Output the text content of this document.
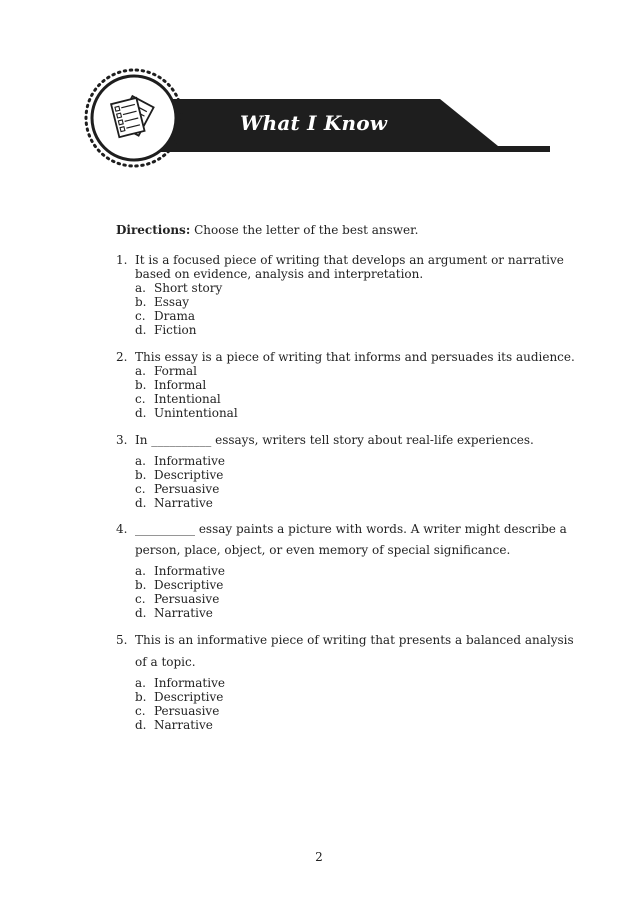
What I Know
Directions: Choose the letter of the best answer.
1. It is a focused piece of writing that develops an argument or narrative
based on evidence, analysis and interpretation.
a. Short story
b. Essay
c. Drama
d. Fiction
2. This essay is a piece of writing that informs and persuades its audience.
a. Formal
b. Informal
c. Intentional
d. Unintentional
3. In __________ essays, writers tell story about real-life experiences.
a. Informative
b. Descriptive
c. Persuasive
d. Narrative
4. __________ essay paints a picture with words. A writer might describe a
person, place, object, or even memory of special significance.
a. Informative
b. Descriptive
c. Persuasive
d. Narrative
5. This is an informative piece of writing that presents a balanced analysis
of a topic.
a. Informative
b. Descriptive
c. Persuasive
d. Narrative
2
